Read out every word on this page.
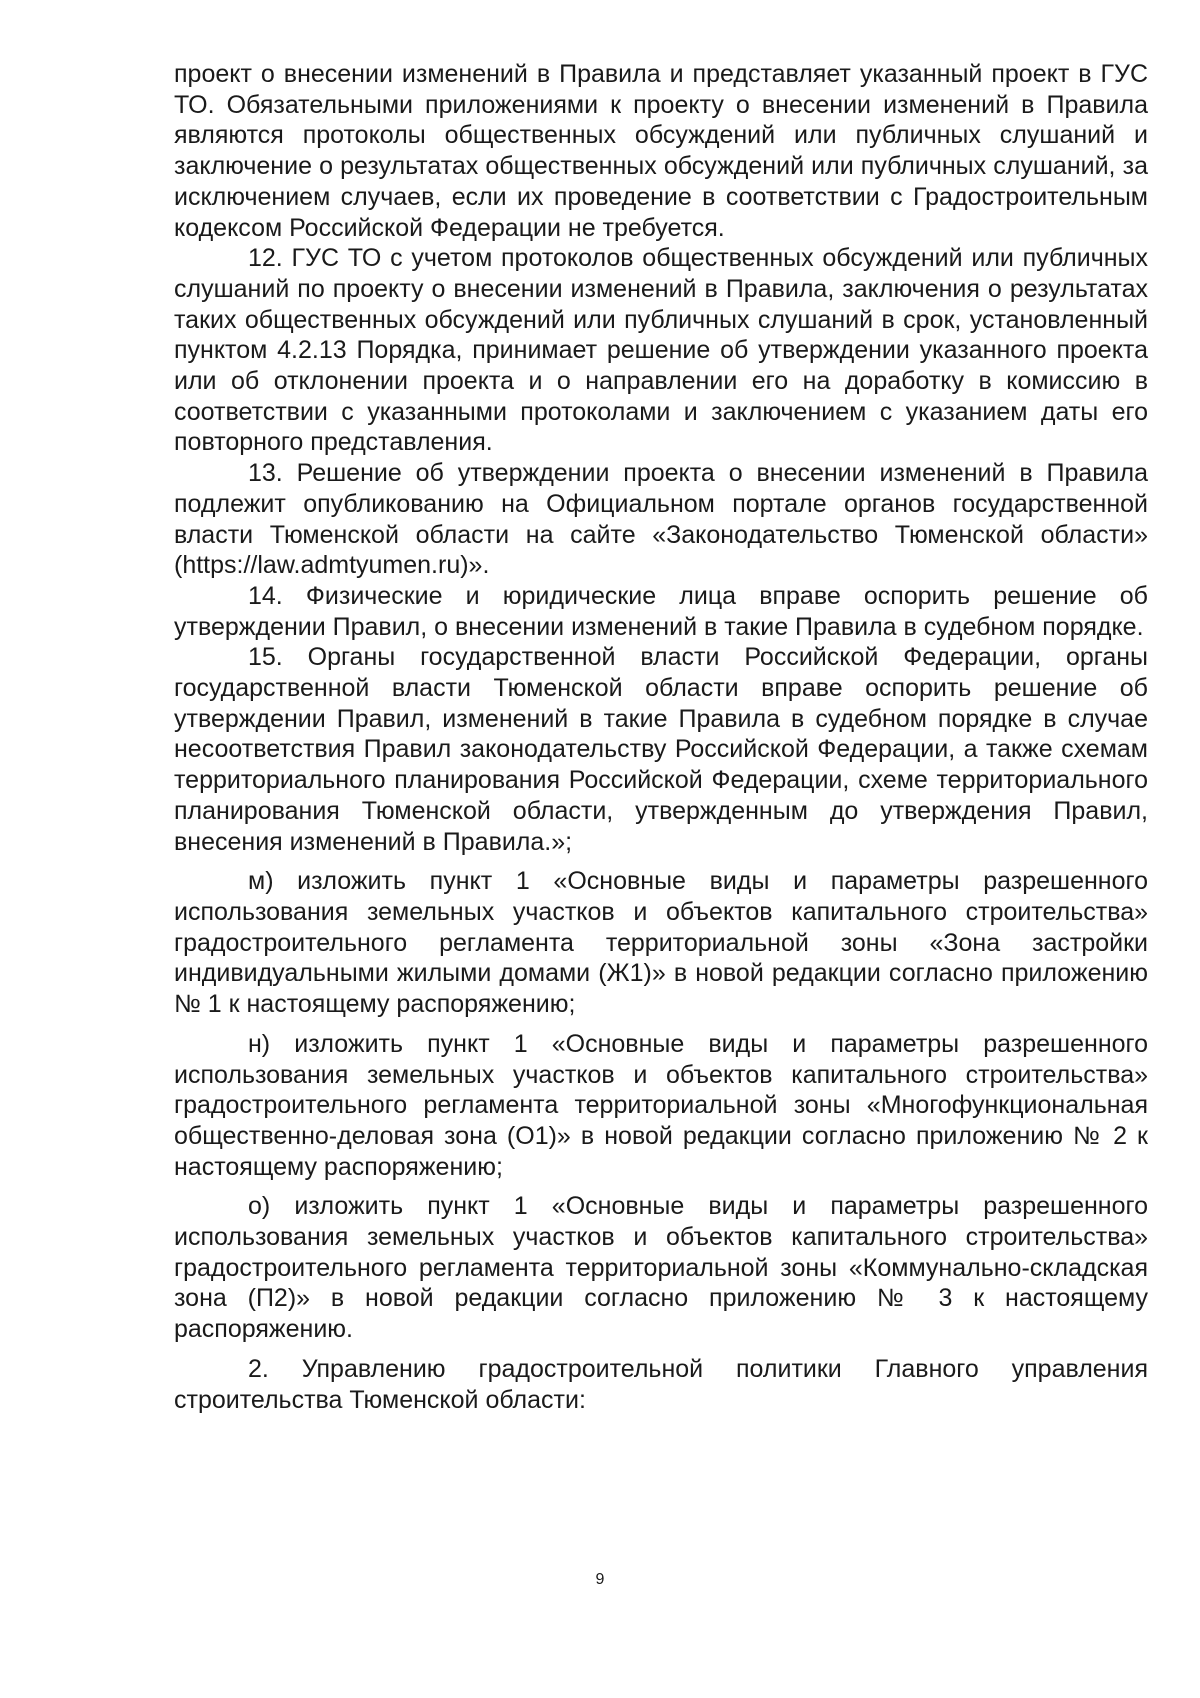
проект о внесении изменений в Правила и представляет указанный проект в ГУС ТО. Обязательными приложениями к проекту о внесении изменений в Правила являются протоколы общественных обсуждений или публичных слушаний и заключение о результатах общественных обсуждений или публичных слушаний, за исключением случаев, если их проведение в соответствии с Градостроительным кодексом Российской Федерации не требуется.

12. ГУС ТО с учетом протоколов общественных обсуждений или публичных слушаний по проекту о внесении изменений в Правила, заключения о результатах таких общественных обсуждений или публичных слушаний в срок, установленный пунктом 4.2.13 Порядка, принимает решение об утверждении указанного проекта или об отклонении проекта и о направлении его на доработку в комиссию в соответствии с указанными протоколами и заключением с указанием даты его повторного представления.

13. Решение об утверждении проекта о внесении изменений в Правила подлежит опубликованию на Официальном портале органов государственной власти Тюменской области на сайте «Законодательство Тюменской области» (https://law.admtyumen.ru)».

14. Физические и юридические лица вправе оспорить решение об утверждении Правил, о внесении изменений в такие Правила в судебном порядке.

15. Органы государственной власти Российской Федерации, органы государственной власти Тюменской области вправе оспорить решение об утверждении Правил, изменений в такие Правила в судебном порядке в случае несоответствия Правил законодательству Российской Федерации, а также схемам территориального планирования Российской Федерации, схеме территориального планирования Тюменской области, утвержденным до утверждения Правил, внесения изменений в Правила.»;

м) изложить пункт 1 «Основные виды и параметры разрешенного использования земельных участков и объектов капитального строительства» градостроительного регламента территориальной зоны «Зона застройки индивидуальными жилыми домами (Ж1)» в новой редакции согласно приложению № 1 к настоящему распоряжению;

н) изложить пункт 1 «Основные виды и параметры разрешенного использования земельных участков и объектов капитального строительства» градостроительного регламента территориальной зоны «Многофункциональная общественно-деловая зона (О1)» в новой редакции согласно приложению № 2 к настоящему распоряжению;

о) изложить пункт 1 «Основные виды и параметры разрешенного использования земельных участков и объектов капитального строительства» градостроительного регламента территориальной зоны «Коммунально-складская зона (П2)» в новой редакции согласно приложению № 3 к настоящему распоряжению.

2. Управлению градостроительной политики Главного управления строительства Тюменской области:

9
